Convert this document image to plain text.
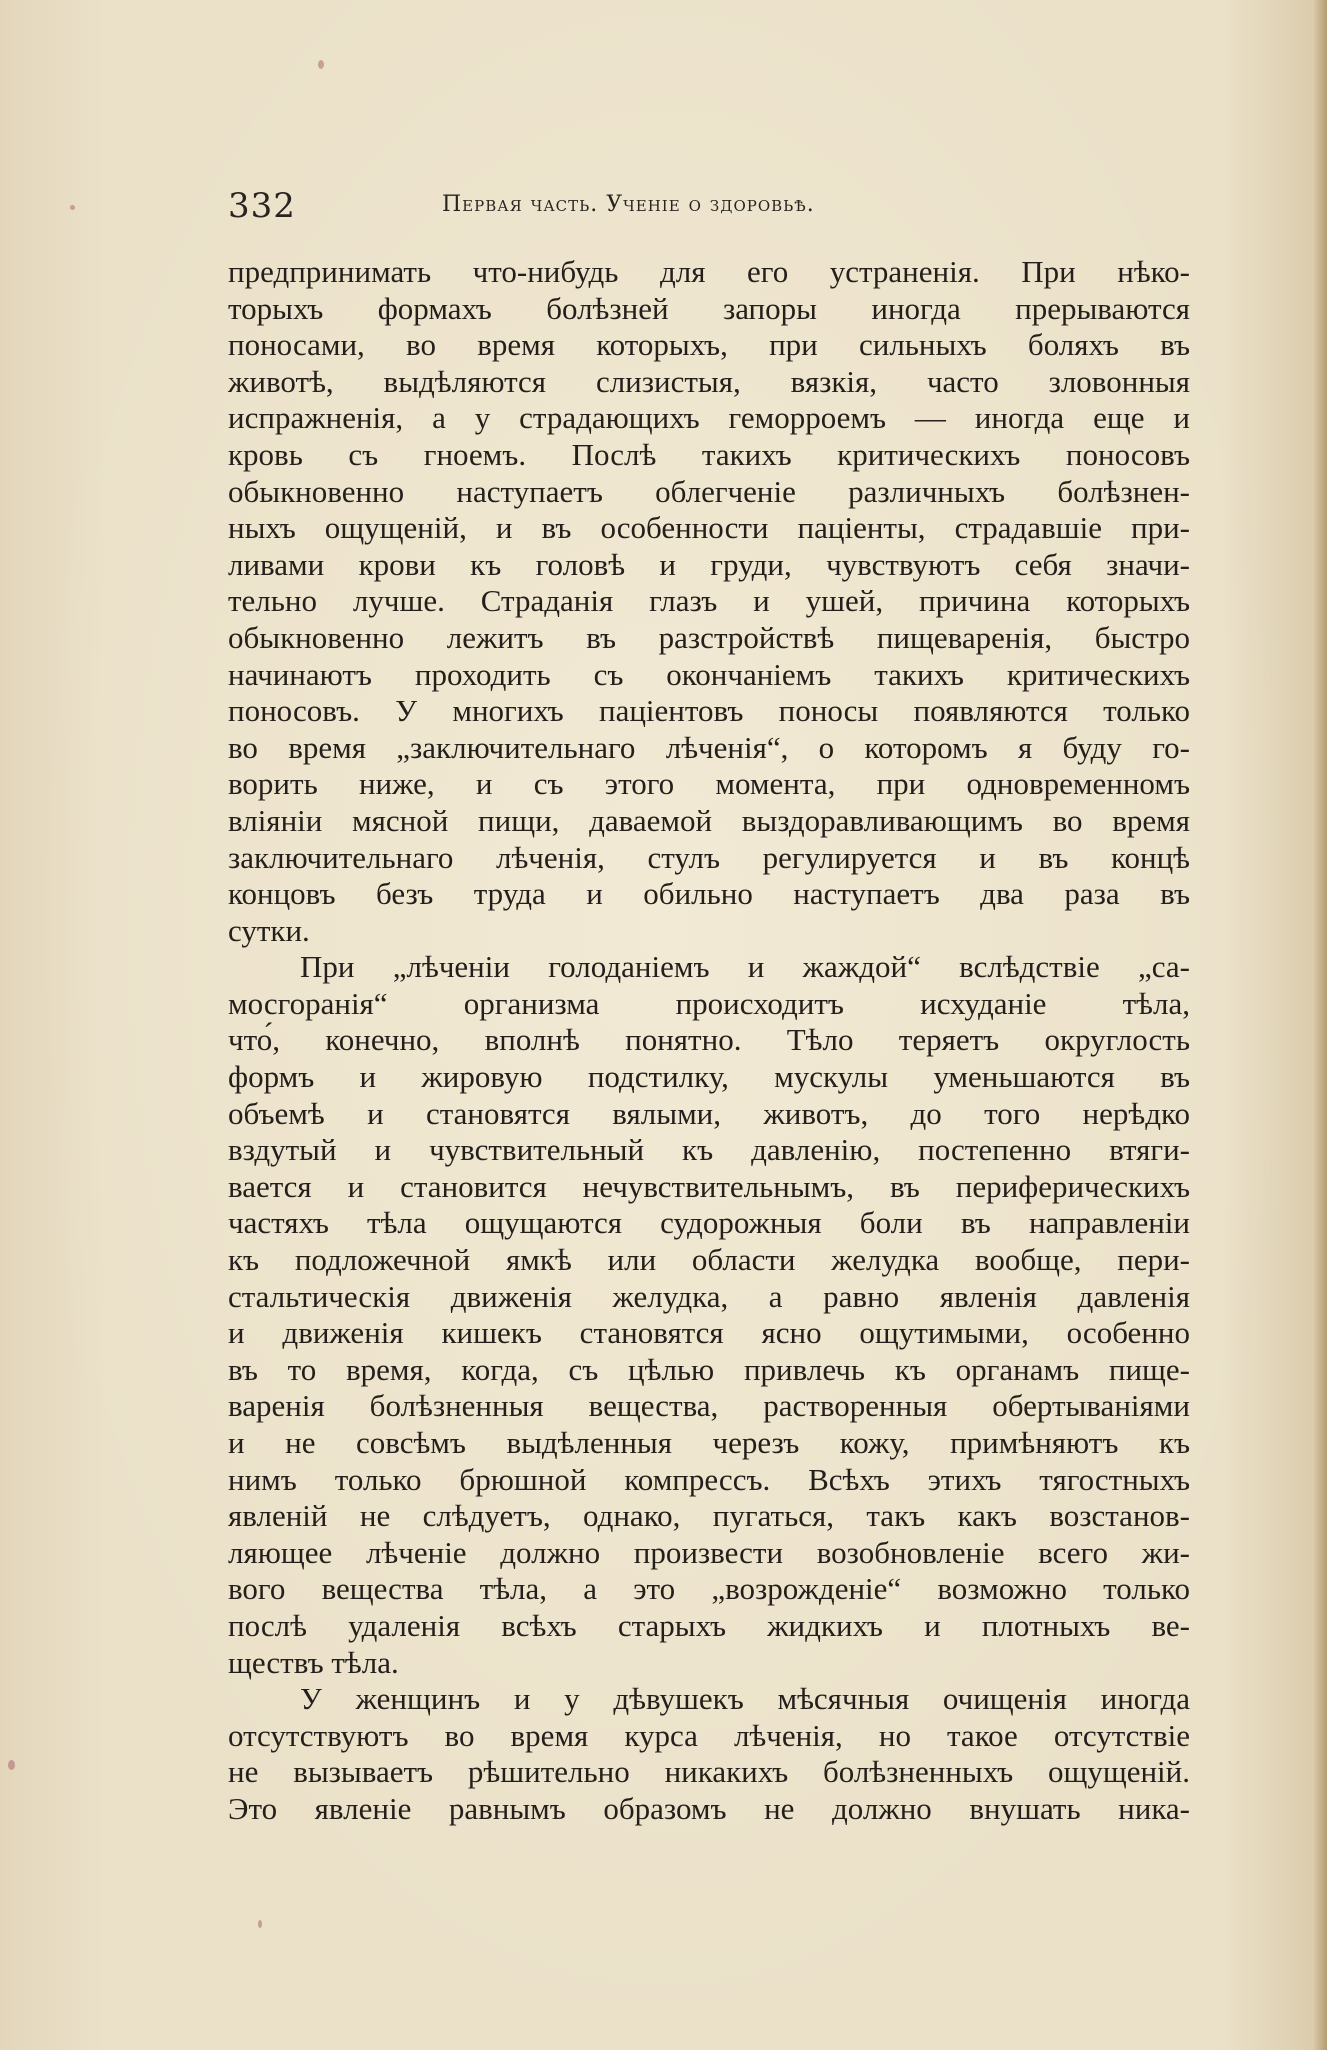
332	Первая часть. Ученіе о здоровьѣ.
предпринимать что-нибудь для его устраненія. При нѣко-
торыхъ формахъ болѣзней запоры иногда прерываются
поносами, во время которыхъ, при сильныхъ боляхъ въ
животѣ, выдѣляются слизистыя, вязкія, часто зловонныя
испражненія, а у страдающихъ геморроемъ — иногда еще и
кровь съ гноемъ. Послѣ такихъ критическихъ поносовъ
обыкновенно наступаетъ облегченіе различныхъ болѣзнен-
ныхъ ощущеній, и въ особенности паціенты, страдавшіе при-
ливами крови къ головѣ и груди, чувствуютъ себя значи-
тельно лучше. Страданія глазъ и ушей, причина которыхъ
обыкновенно лежитъ въ разстройствѣ пищеваренія, быстро
начинаютъ проходить съ окончаніемъ такихъ критическихъ
поносовъ. У многихъ паціентовъ поносы появляются только
во время „заключительнаго лѣченія“, о которомъ я буду го-
ворить ниже, и съ этого момента, при одновременномъ
вліяніи мясной пищи, даваемой выздоравливающимъ во время
заключительнаго лѣченія, стулъ регулируется и въ концѣ
концовъ безъ труда и обильно наступаетъ два раза въ
сутки.
При „лѣченіи голоданіемъ и жаждой“ вслѣдствіе „са-
мосгоранія“ организма происходитъ исхуданіе тѣла,
что́, конечно, вполнѣ понятно. Тѣло теряетъ округлость
формъ и жировую подстилку, мускулы уменьшаются въ
объемѣ и становятся вялыми, животъ, до того нерѣдко
вздутый и чувствительный къ давленію, постепенно втяги-
вается и становится нечувствительнымъ, въ периферическихъ
частяхъ тѣла ощущаются судорожныя боли въ направленіи
къ подложечной ямкѣ или области желудка вообще, пери-
стальтическія движенія желудка, а равно явленія давленія
и движенія кишекъ становятся ясно ощутимыми, особенно
въ то время, когда, съ цѣлью привлечь къ органамъ пище-
варенія болѣзненныя вещества, растворенныя обертываніями
и не совсѣмъ выдѣленныя черезъ кожу, примѣняютъ къ
нимъ только брюшной компрессъ. Всѣхъ этихъ тягостныхъ
явленій не слѣдуетъ, однако, пугаться, такъ какъ возстанов-
ляющее лѣченіе должно произвести возобновленіе всего жи-
вого вещества тѣла, а это „возрожденіе“ возможно только
послѣ удаленія всѣхъ старыхъ жидкихъ и плотныхъ ве-
ществъ тѣла.
У женщинъ и у дѣвушекъ мѣсячныя очищенія иногда
отсутствуютъ во время курса лѣченія, но такое отсутствіе
не вызываетъ рѣшительно никакихъ болѣзненныхъ ощущеній.
Это явленіе равнымъ образомъ не должно внушать ника-
